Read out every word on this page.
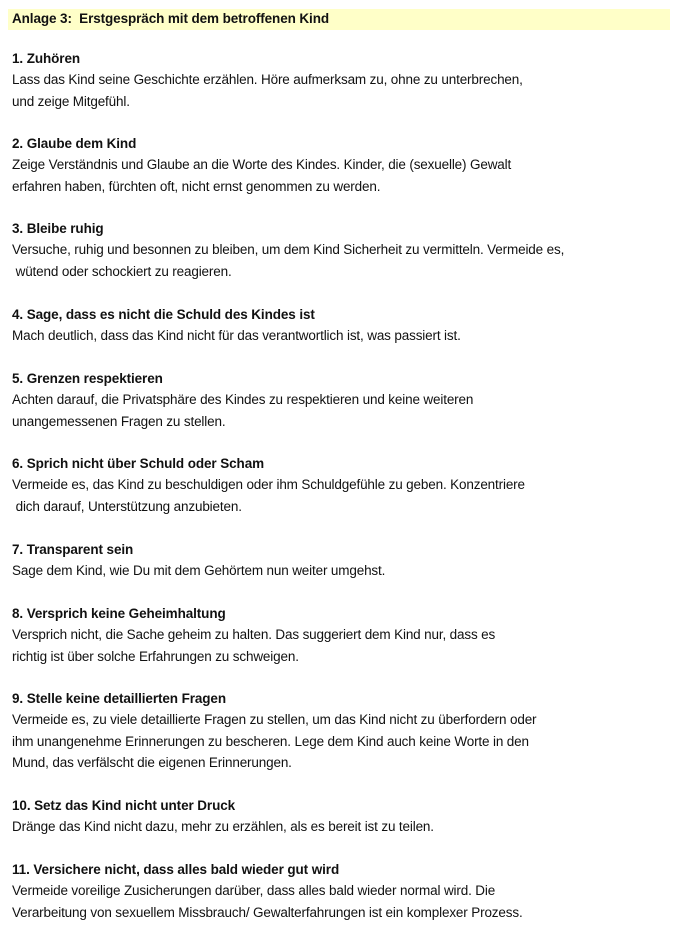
Anlage 3:  Erstgespräch mit dem betroffenen Kind
1. Zuhören
Lass das Kind seine Geschichte erzählen. Höre aufmerksam zu, ohne zu unterbrechen,
und zeige Mitgefühl.
2. Glaube dem Kind
Zeige Verständnis und Glaube an die Worte des Kindes. Kinder, die (sexuelle) Gewalt
erfahren haben, fürchten oft, nicht ernst genommen zu werden.
3. Bleibe ruhig
Versuche, ruhig und besonnen zu bleiben, um dem Kind Sicherheit zu vermitteln. Vermeide es,
wütend oder schockiert zu reagieren.
4. Sage, dass es nicht die Schuld des Kindes ist
Mach deutlich, dass das Kind nicht für das verantwortlich ist, was passiert ist.
5. Grenzen respektieren
Achten darauf, die Privatsphäre des Kindes zu respektieren und keine weiteren
unangemessenen Fragen zu stellen.
6. Sprich nicht über Schuld oder Scham
Vermeide es, das Kind zu beschuldigen oder ihm Schuldgefühle zu geben. Konzentriere
dich darauf, Unterstützung anzubieten.
7. Transparent sein
Sage dem Kind, wie Du mit dem Gehörtem nun weiter umgehst.
8. Versprich keine Geheimhaltung
Versprich nicht, die Sache geheim zu halten. Das suggeriert dem Kind nur, dass es
richtig ist über solche Erfahrungen zu schweigen.
9. Stelle keine detaillierten Fragen
Vermeide es, zu viele detaillierte Fragen zu stellen, um das Kind nicht zu überfordern oder
ihm unangenehme Erinnerungen zu bescheren. Lege dem Kind auch keine Worte in den
Mund, das verfälscht die eigenen Erinnerungen.
10. Setz das Kind nicht unter Druck
Dränge das Kind nicht dazu, mehr zu erzählen, als es bereit ist zu teilen.
11. Versichere nicht, dass alles bald wieder gut wird
Vermeide voreilige Zusicherungen darüber, dass alles bald wieder normal wird. Die
Verarbeitung von sexuellem Missbrauch/ Gewalterfahrungen ist ein komplexer Prozess.
